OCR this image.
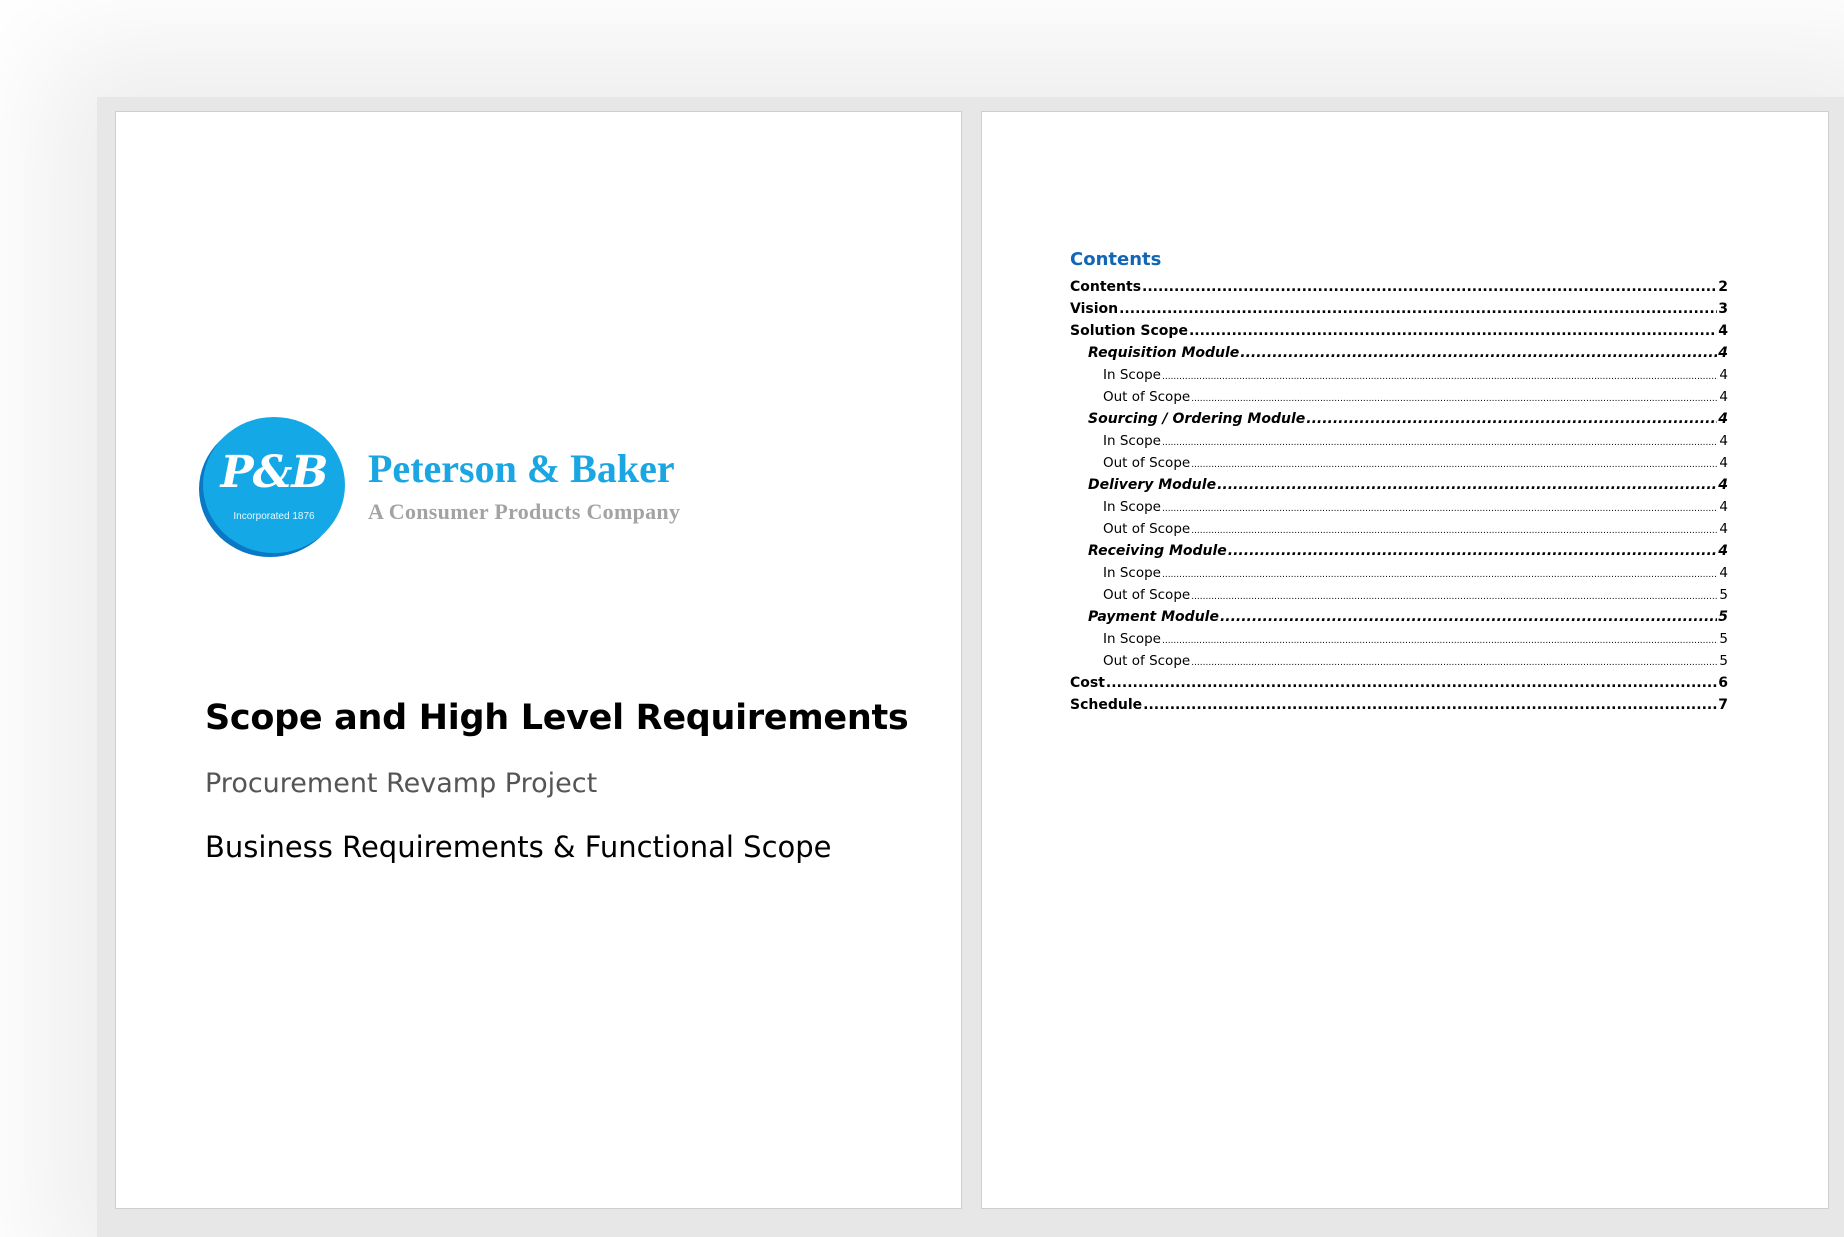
P&B
Incorporated 1876
Peterson & Baker
A Consumer Products Company
Scope and High Level Requirements
Procurement Revamp Project
Business Requirements & Functional Scope
Contents
Contents .....	2
Vision .....	3
Solution Scope .....	4
Requisition Module .....	4
In Scope .....	4
Out of Scope .....	4
Sourcing / Ordering Module .....	4
In Scope .....	4
Out of Scope .....	4
Delivery Module .....	4
In Scope .....	4
Out of Scope .....	4
Receiving Module .....	4
In Scope .....	4
Out of Scope .....	5
Payment Module .....	5
In Scope .....	5
Out of Scope .....	5
Cost .....	6
Schedule .....	7
